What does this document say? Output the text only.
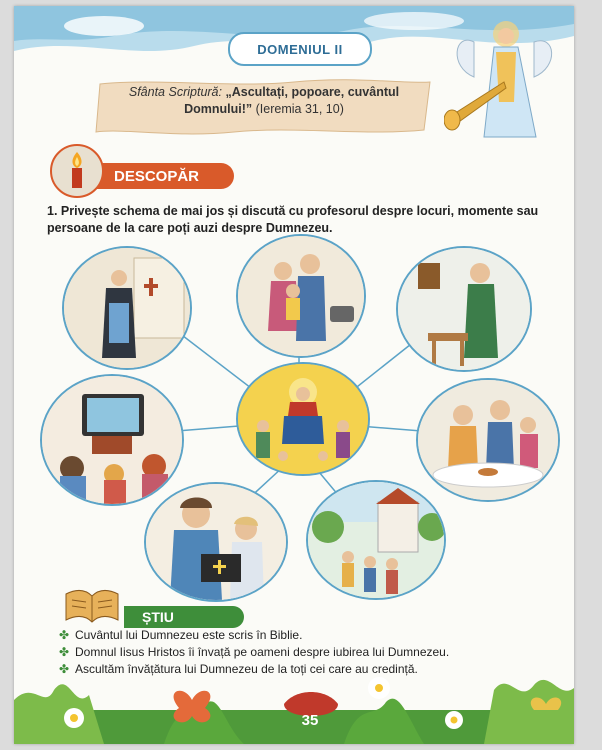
DOMENIUL II
Sfânta Scriptură: „Ascultați, popoare, cuvântul Domnului!” (Ieremia 31, 10)
DESCOPĂR
1. Privește schema de mai jos și discută cu profesorul despre locuri, momente sau persoane de la care poți auzi despre Dumnezeu.
ȘTIU
✤ Cuvântul lui Dumnezeu este scris în Biblie.
✤ Domnul Iisus Hristos îi învață pe oameni despre iubirea lui Dumnezeu.
✤ Ascultăm învățătura lui Dumnezeu de la toți cei care au credință.
35
